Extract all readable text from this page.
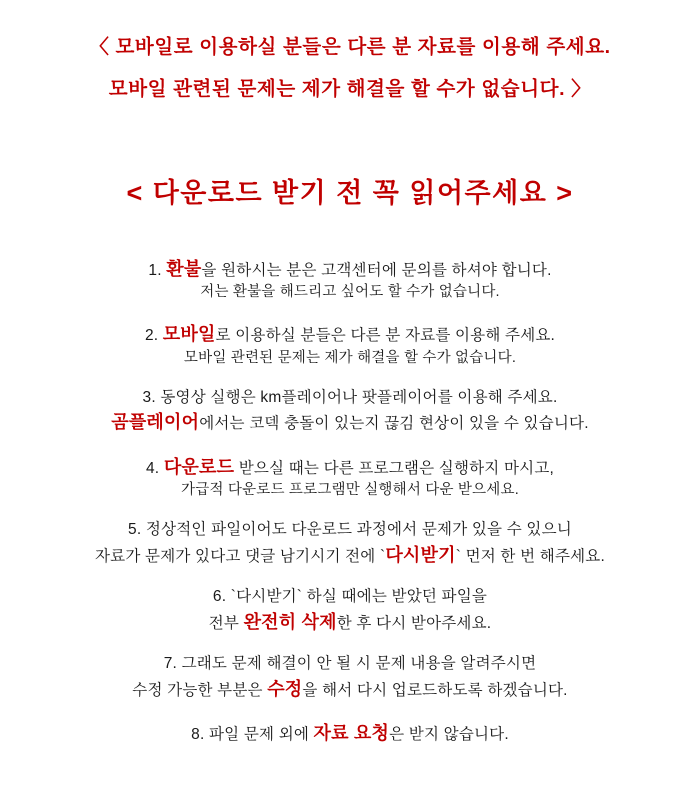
〈 모바일로 이용하실 분들은 다른 분 자료를 이용해 주세요.
모바일 관련된 문제는 제가 해결을 할 수가 없습니다. 〉
< 다운로드 받기 전 꼭 읽어주세요 >
1. 환불을 원하시는 분은 고객센터에 문의를 하셔야 합니다.
저는 환불을 해드리고 싶어도 할 수가 없습니다.
2. 모바일로 이용하실 분들은 다른 분 자료를 이용해 주세요.
모바일 관련된 문제는 제가 해결을 할 수가 없습니다.
3. 동영상 실행은 km플레이어나 팟플레이어를 이용해 주세요.
곰플레이어에서는 코덱 충돌이 있는지 끊김 현상이 있을 수 있습니다.
4. 다운로드 받으실 때는 다른 프로그램은 실행하지 마시고,
가급적 다운로드 프로그램만 실행해서 다운 받으세요.
5. 정상적인 파일이어도 다운로드 과정에서 문제가 있을 수 있으니
자료가 문제가 있다고 댓글 남기시기 전에 `다시받기` 먼저 한 번 해주세요.
6. `다시받기` 하실 때에는 받았던 파일을
전부 완전히 삭제한 후 다시 받아주세요.
7. 그래도 문제 해결이 안 될 시 문제 내용을 알려주시면
수정 가능한 부분은 수정을 해서 다시 업로드하도록 하겠습니다.
8. 파일 문제 외에 자료 요청은 받지 않습니다.
